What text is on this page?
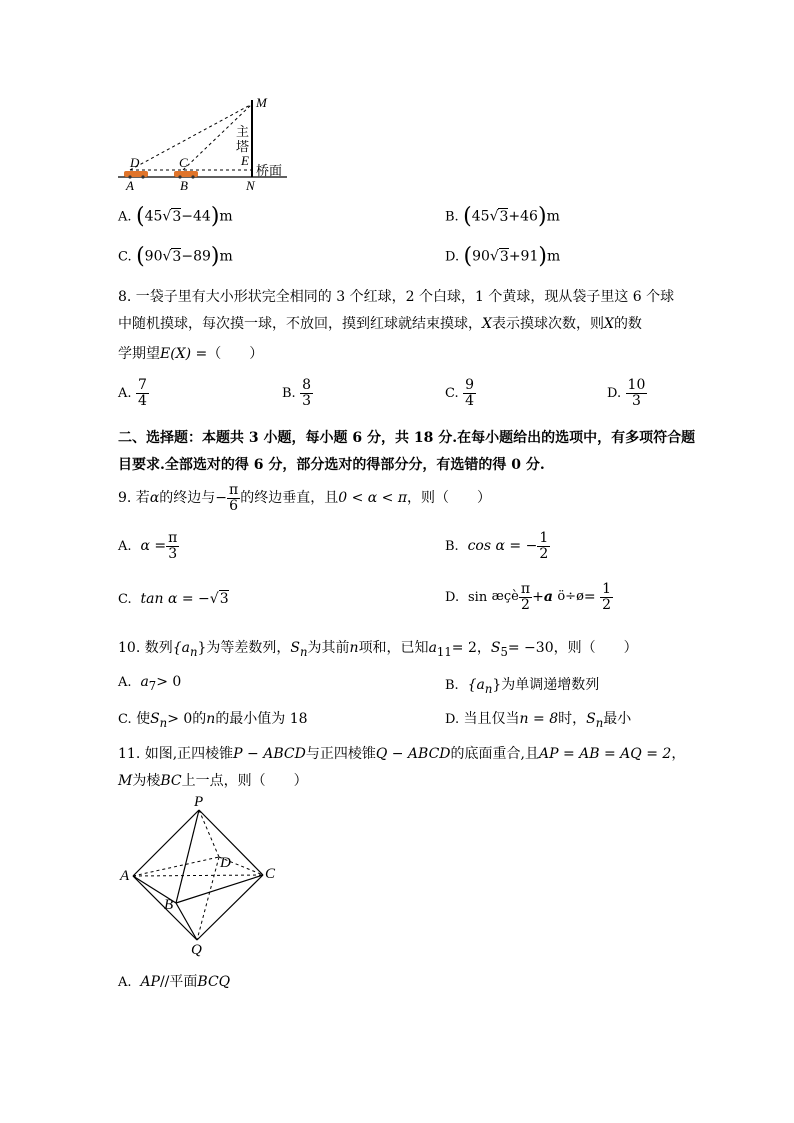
M
主
塔
E
桥面
D	C
A	B	N
A. (45√3−44)m	B. (45√3+46)m
C. (90√3−89)m	D. (90√3+91)m
8. 一袋子里有大小形状完全相同的 3 个红球，2 个白球，1 个黄球，现从袋子里这 6 个球
中随机摸球，每次摸一球，不放回，摸到红球就结束摸球，X表示摸球次数，则X的数
学期望E(X) =（　　）
A. $\frac{7}{4}$	B. $\frac{8}{3}$	C. $\frac{9}{4}$	D. $\frac{10}{3}$
二、选择题：本题共 3 小题，每小题 6 分，共 18 分.在每小题给出的选项中，有多项符合题
目要求.全部选对的得 6 分，部分选对的得部分分，有选错的得 0 分.
9. 若α的终边与− $\frac{\pi}{6}$ 的终边垂直，且0 < α < π，则（　　）
A. $\alpha = \frac{\pi}{3}$	B. cos α = − $\frac{1}{2}$
C. tan α = −√3	D. sin æçè $\frac{\pi}{2} +a$ ö÷ø= $\frac{1}{2}$
10. 数列$\{a_n\}$为等差数列，$S_n$为其前n项和，已知$a_{11}= 2$，$S_5= -30$，则（　　）
A. $a_7> 0$	B. $\{a_n\}$为单调递增数列
C. 使$S_n> 0$的n的最小值为 18	D. 当且仅当n = 8时，$S_n$最小
11. 如图,正四棱锥P − ABCD与正四棱锥Q − ABCD的底面重合,且AP = AB = AQ = 2，
M为棱BC上一点，则（　　）
P
A
D
C
B
Q
A. AP//平面BCQ
